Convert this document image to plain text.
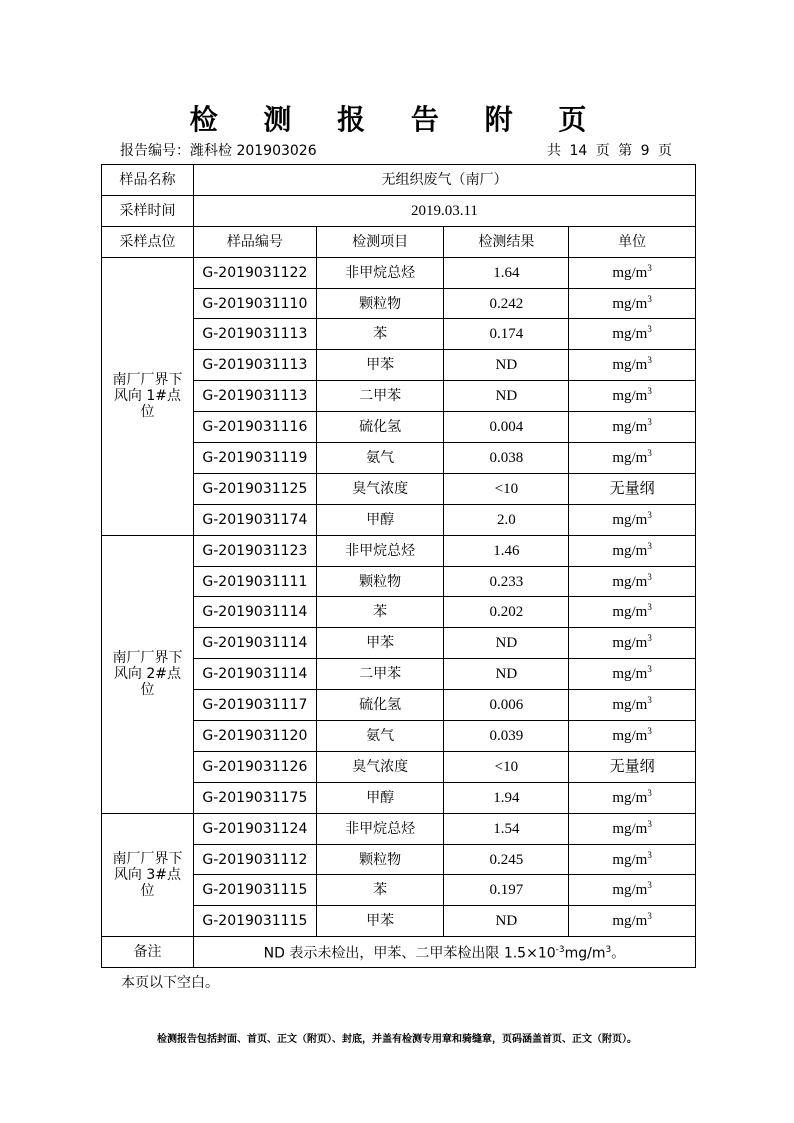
检 测 报 告 附 页
报告编号：潍科检 201903026	共 14 页 第 9 页
样品名称	无组织废气（南厂）			
采样时间	2019.03.11			
采样点位	样品编号	检测项目	检测结果	单位

南厂厂界下风向 1#点位	G-2019031122	非甲烷总烃	1.64	$mg/m^3$
	G-2019031110	颗粒物	0.242	$mg/m^3$
	G-2019031113	苯	0.174	$mg/m^3$
	G-2019031113	甲苯	ND	$mg/m^3$
	G-2019031113	二甲苯	ND	$mg/m^3$
	G-2019031116	硫化氢	0.004	$mg/m^3$
	G-2019031119	氨气	0.038	$mg/m^3$
	G-2019031125	臭气浓度	<10	无量纲
	G-2019031174	甲醇	2.0	$mg/m^3$

南厂厂界下风向 2#点位	G-2019031123	非甲烷总烃	1.46	$mg/m^3$
	G-2019031111	颗粒物	0.233	$mg/m^3$
	G-2019031114	苯	0.202	$mg/m^3$
	G-2019031114	甲苯	ND	$mg/m^3$
	G-2019031114	二甲苯	ND	$mg/m^3$
	G-2019031117	硫化氢	0.006	$mg/m^3$
	G-2019031120	氨气	0.039	$mg/m^3$
	G-2019031126	臭气浓度	<10	无量纲
	G-2019031175	甲醇	1.94	$mg/m^3$

南厂厂界下风向 3#点位	G-2019031124	非甲烷总烃	1.54	$mg/m^3$
	G-2019031112	颗粒物	0.245	$mg/m^3$
	G-2019031115	苯	0.197	$mg/m^3$
	G-2019031115	甲苯	ND	$mg/m^3$
备注	ND 表示未检出，甲苯、二甲苯检出限 $1.5\times 10^{-3}mg/m^3$。			
本页以下空白。
检测报告包括封面、首页、正文（附页）、封底，并盖有检测专用章和骑缝章，页码涵盖首页、正文（附页）。
